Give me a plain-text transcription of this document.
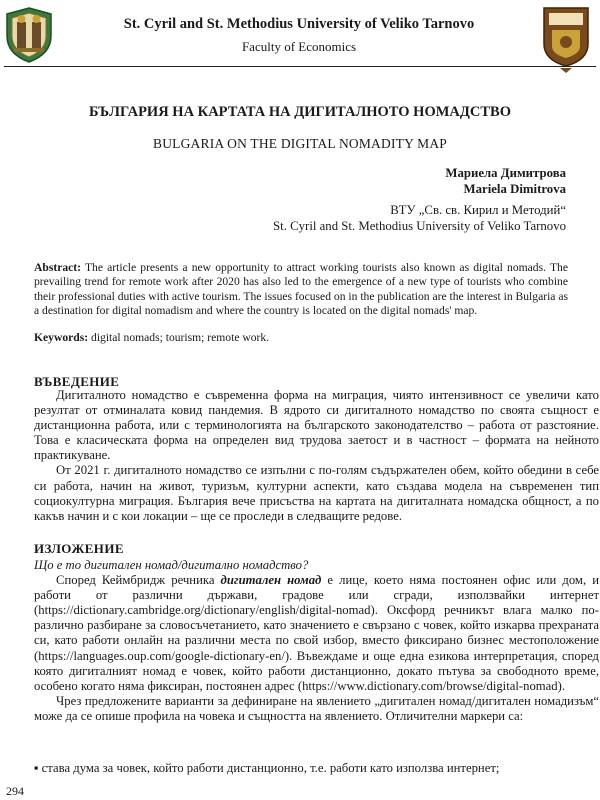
St. Cyril and St. Methodius University of Veliko Tarnovo
Faculty of Economics
БЪЛГАРИЯ НА КАРТАТА НА ДИГИТАЛНОТО НОМАДСТВО
BULGARIA ON THE DIGITAL NOMADITY MAP
Мариела Димитрова
Mariela Dimitrova
ВТУ „Св. св. Кирил и Методий“
St. Cyril and St. Methodius University of Veliko Tarnovo
Abstract: The article presents a new opportunity to attract working tourists also known as digital nomads. The prevailing trend for remote work after 2020 has also led to the emergence of a new type of tourists who combine their professional duties with active tourism. The issues focused on in the publication are the interest in Bulgaria as a destination for digital nomadism and where the country is located on the digital nomads' map.
Keywords: digital nomads; tourism; remote work.
ВЪВЕДЕНИЕ

Дигиталното номадство е съвременна форма на миграция, чиято интензивност се увеличи като резултат от отминалата ковид пандемия. В ядрото си дигиталното номадство по своята същност е дистанционна работа, или с терминологията на българското законодателство – работа от разстояние. Това е класическата форма на определен вид трудова заетост и в частност – формата на нейното практикуване.

От 2021 г. дигиталното номадство се изпълни с по-голям съдържателен обем, който обедини в себе си работа, начин на живот, туризъм, културни аспекти, като създава модела на съвременен тип социокултурна миграция. България вече присъства на картата на дигиталната номадска общност, а по какъв начин и с кои локации – ще се проследи в следващите редове.

ИЗЛОЖЕНИЕ

Що е то дигитален номад/дигитално номадство?

Според Кеймбридж речника дигитален номад е лице, което няма постоянен офис или дом, и работи от различни държави, градове или сгради, използвайки интернет (https://dictionary.cambridge.org/dictionary/english/digital-nomad). Оксфорд речникът влага малко по-различно разбиране за словосъчетанието, като значението е свързано с човек, който изкарва прехраната си, като работи онлайн на различни места по свой избор, вместо фиксирано бизнес местоположение (https://languages.oup.com/google-dictionary-en/). Въвеждаме и още една езикова интерпретация, според която дигиталният номад е човек, който работи дистанционно, докато пътува за свободното време, особено когато няма фиксиран, постоянен адрес (https://www.dictionary.com/browse/digital-nomad).

Чрез предложените варианти за дефиниране на явлението „дигитален номад/дигитален номадизъм“ може да се опише профила на човека и същността на явлението. Отличителни маркери са:

▪ става дума за човек, който работи дистанционно, т.е. работи като използва интернет;
294
